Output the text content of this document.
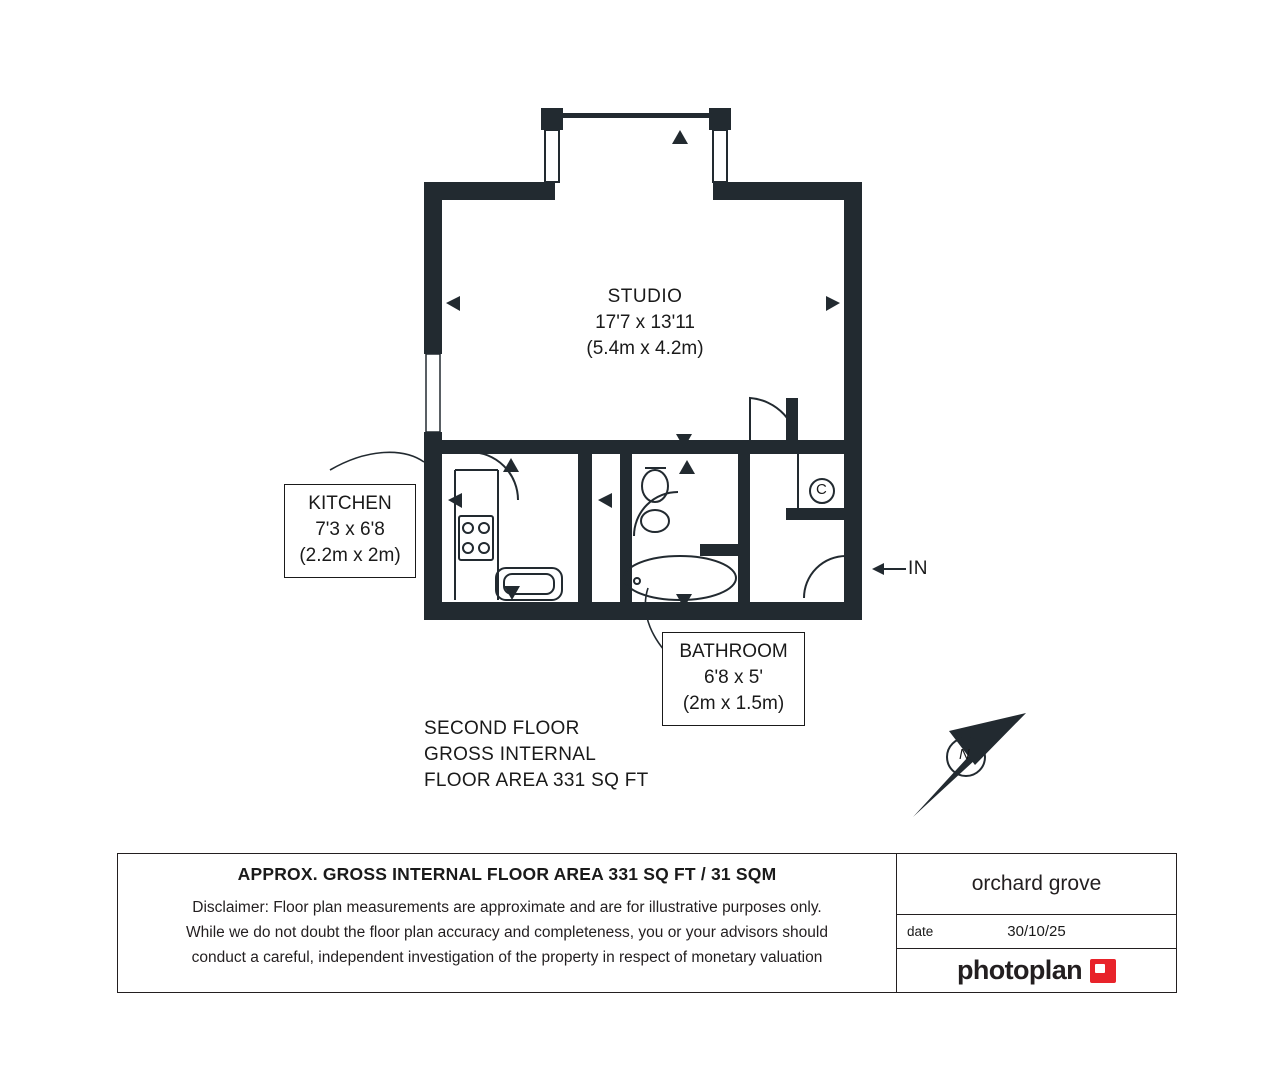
STUDIO
17'7 x 13'11
(5.4m x 4.2m)
KITCHEN
7'3 x 6'8
(2.2m x 2m)
BATHROOM
6'8 x 5'
(2m x 1.5m)
IN
C
N
SECOND FLOOR
GROSS INTERNAL
FLOOR AREA 331 SQ FT
APPROX. GROSS INTERNAL FLOOR AREA 331 SQ FT / 31 SQM
Disclaimer: Floor plan measurements are approximate and are for illustrative purposes only.
While we do not doubt the floor plan accuracy and completeness, you or your advisors should
conduct a careful, independent investigation of the property in respect of monetary valuation
orchard grove
date	30/10/25
photoplan
